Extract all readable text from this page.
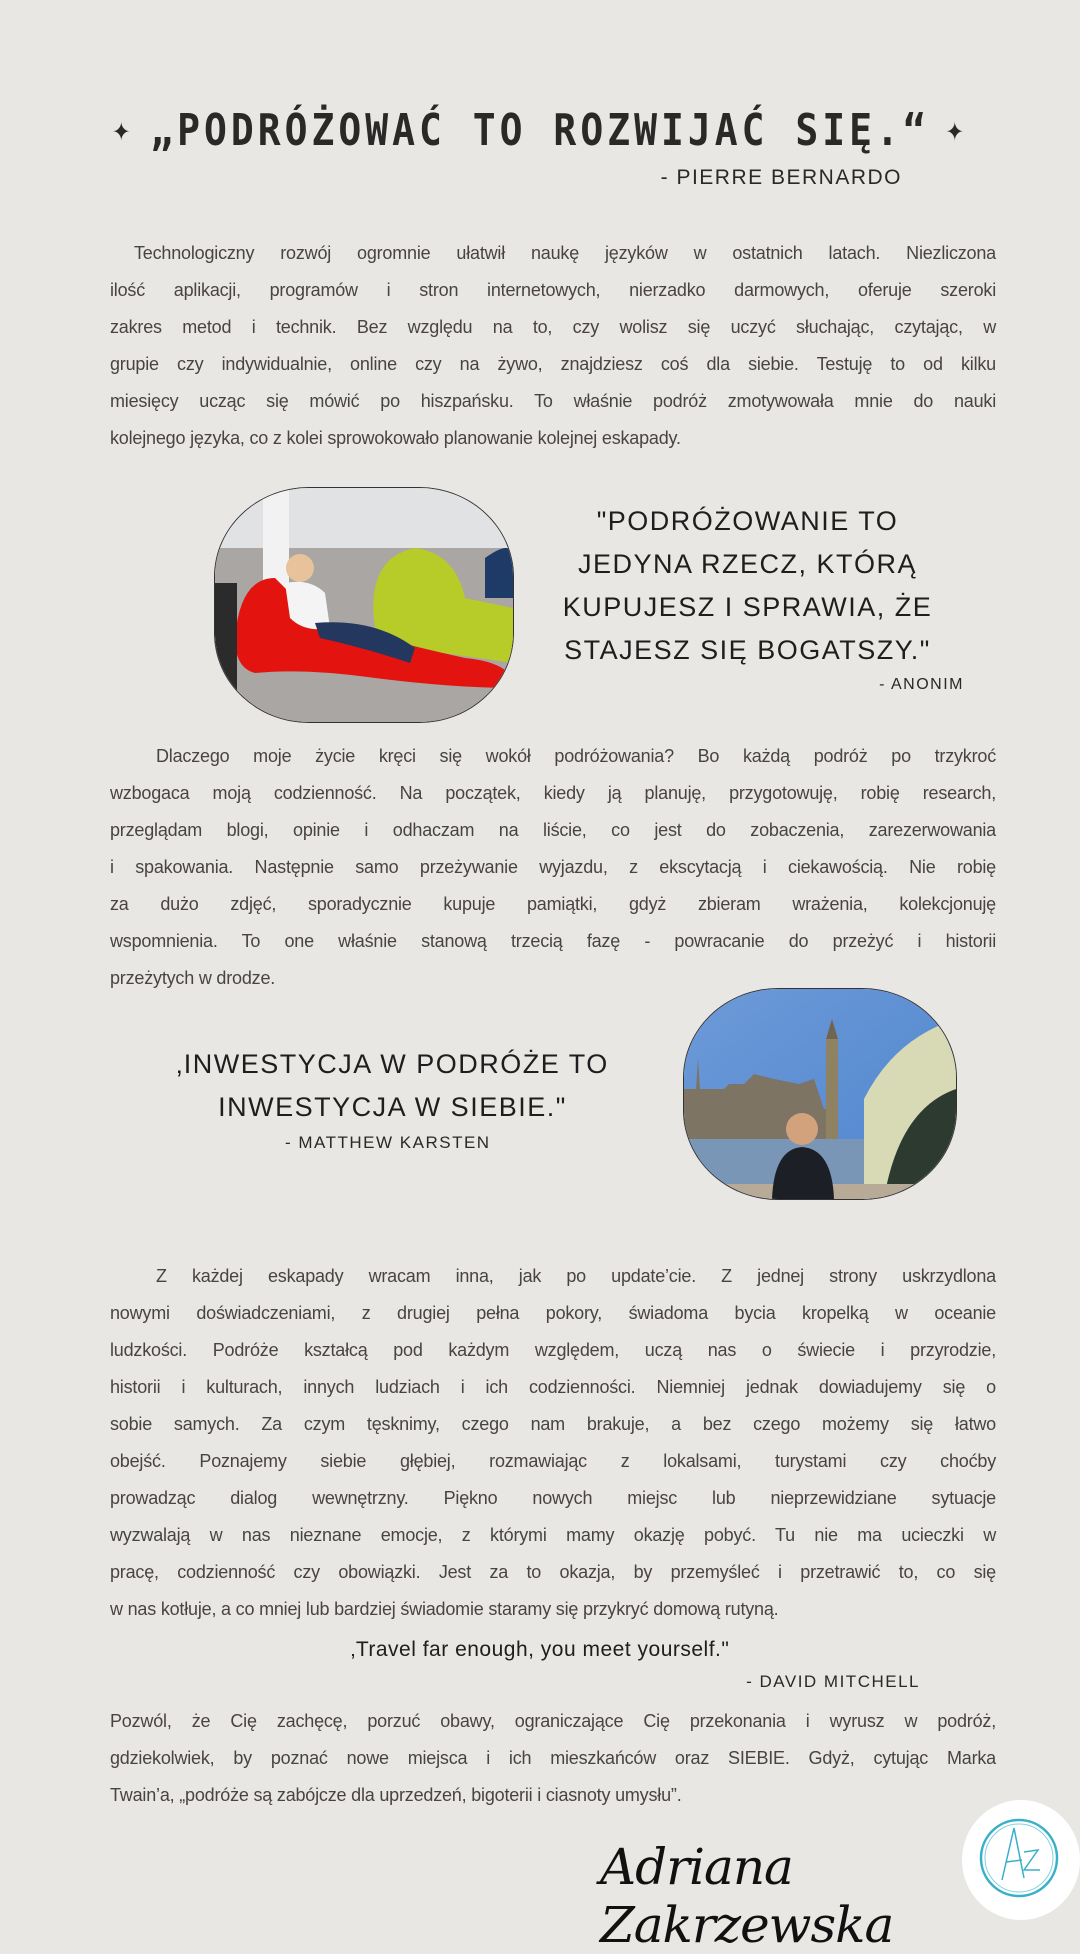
✦ „PODRÓŻOWAĆ TO ROZWIJAĆ SIĘ.“ ✦
- PIERRE BERNARDO
Technologiczny rozwój ogromnie ułatwił naukę języków w ostatnich latach. Niezliczona
ilość aplikacji, programów i stron internetowych, nierzadko darmowych, oferuje szeroki
zakres metod i technik. Bez względu na to, czy wolisz się uczyć słuchając, czytając, w
grupie czy indywidualnie, online czy na żywo, znajdziesz coś dla siebie. Testuję to od kilku
miesięcy ucząc się mówić po hiszpańsku. To właśnie podróż zmotywowała mnie do nauki
kolejnego języka, co z kolei sprowokowało planowanie kolejnej eskapady.
"PODRÓŻOWANIE TO
JEDYNA RZECZ, KTÓRĄ
KUPUJESZ I SPRAWIA, ŻE
STAJESZ SIĘ BOGATSZY."
- ANONIM
Dlaczego moje życie kręci się wokół podróżowania? Bo każdą podróż po trzykroć
wzbogaca moją codzienność. Na początek, kiedy ją planuję, przygotowuję, robię research,
przeglądam blogi, opinie i odhaczam na liście, co jest do zobaczenia, zarezerwowania
i spakowania. Następnie samo przeżywanie wyjazdu, z ekscytacją i ciekawością. Nie robię
za dużo zdjęć, sporadycznie kupuje pamiątki, gdyż zbieram wrażenia, kolekcjonuję
wspomnienia. To one właśnie stanową trzecią fazę - powracanie do przeżyć i historii
przeżytych w drodze.
‚INWESTYCJA W PODRÓŻE TO
INWESTYCJA W SIEBIE."
- MATTHEW KARSTEN
Z każdej eskapady wracam inna, jak po update’cie. Z jednej strony uskrzydlona
nowymi doświadczeniami, z drugiej pełna pokory, świadoma bycia kropelką w oceanie
ludzkości. Podróże kształcą pod każdym względem, uczą nas o świecie i przyrodzie,
historii i kulturach, innych ludziach i ich codzienności. Niemniej jednak dowiadujemy się o
sobie samych. Za czym tęsknimy, czego nam brakuje, a bez czego możemy się łatwo
obejść. Poznajemy siebie głębiej, rozmawiając z lokalsami, turystami czy choćby
prowadząc dialog wewnętrzny. Piękno nowych miejsc lub nieprzewidziane sytuacje
wyzwalają w nas nieznane emocje, z którymi mamy okazję pobyć. Tu nie ma ucieczki w
pracę, codzienność czy obowiązki. Jest za to okazja, by przemyśleć i przetrawić to, co się
w nas kotłuje, a co mniej lub bardziej świadomie staramy się przykryć domową rutyną.
‚Travel far enough, you meet yourself."
- DAVID MITCHELL
Pozwól, że Cię zachęcę, porzuć obawy, ograniczające Cię przekonania i wyrusz w podróż,
gdziekolwiek, by poznać nowe miejsca i ich mieszkańców oraz SIEBIE. Gdyż, cytując Marka
Twain’a, „podróże są zabójcze dla uprzedzeń, bigoterii i ciasnoty umysłu”.
Adriana Zakrzewska
